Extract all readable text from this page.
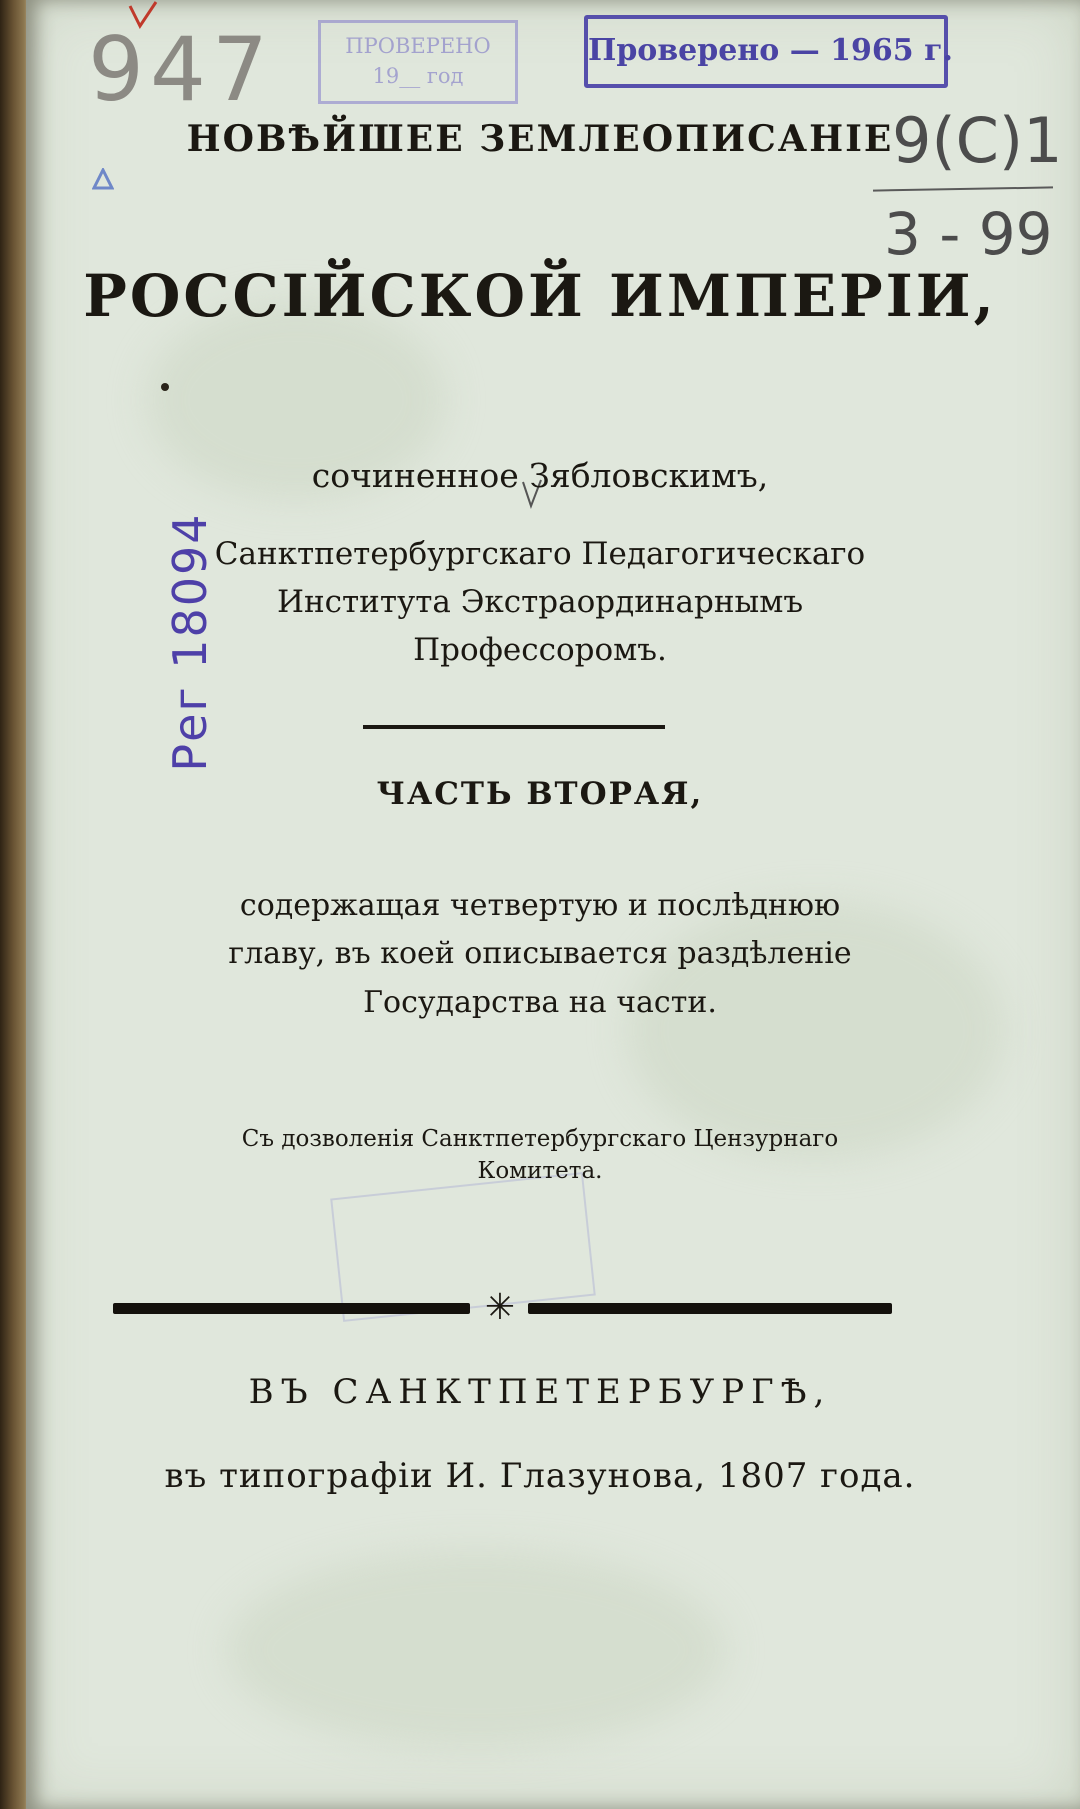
ПРОВЕРЕНО
19__ год
Проверено — 1965 г.
947
9(С)1
3 - 99
Рег 18094
НОВѢЙШЕЕ ЗЕМЛЕОПИСАНІЕ
РОССІЙСКОЙ ИМПЕРІИ,
сочиненное Зябловскимъ,
Санктпетербургскаго Педагогическаго
Института Экстраординарнымъ
Профессоромъ.
ЧАСТЬ ВТОРАЯ,
содержащая четвертую и послѣднюю
главу, въ коей описывается раздѣленіе
Государства на части.
Съ дозволенія Санктпетербургскаго Цензурнаго
Комитета.
✳
ВЪ САНКТПЕТЕРБУРГѢ,
въ типографіи И. Глазунова, 1807 года.
